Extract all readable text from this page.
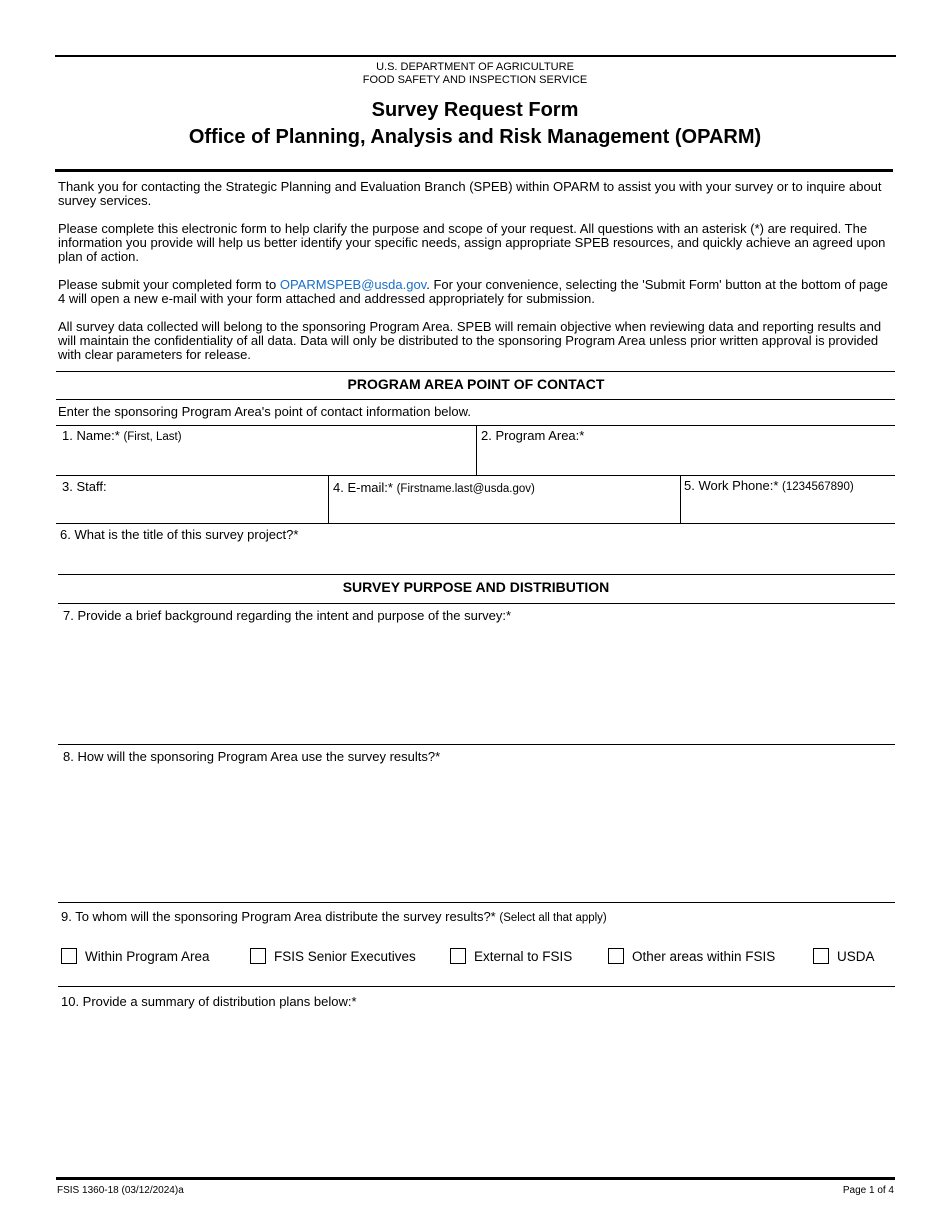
U.S. DEPARTMENT OF AGRICULTURE
FOOD SAFETY AND INSPECTION SERVICE
Survey Request Form
Office of Planning, Analysis and Risk Management (OPARM)
Thank you for contacting the Strategic Planning and Evaluation Branch (SPEB) within OPARM to assist you with your survey or to inquire about survey services.
Please complete this electronic form to help clarify the purpose and scope of your request. All questions with an asterisk (*) are required. The information you provide will help us better identify your specific needs, assign appropriate SPEB resources, and quickly achieve an agreed upon plan of action.
Please submit your completed form to OPARMSPEB@usda.gov. For your convenience, selecting the 'Submit Form' button at the bottom of page 4 will open a new e-mail with your form attached and addressed appropriately for submission.
All survey data collected will belong to the sponsoring Program Area. SPEB will remain objective when reviewing data and reporting results and will maintain the confidentiality of all data. Data will only be distributed to the sponsoring Program Area unless prior written approval is provided with clear parameters for release.
PROGRAM AREA POINT OF CONTACT
Enter the sponsoring Program Area's point of contact information below.
1. Name:* (First, Last)	2. Program Area:*
3. Staff:	4. E-mail:* (Firstname.last@usda.gov)	5. Work Phone:* (1234567890)
6. What is the title of this survey project?*
SURVEY PURPOSE AND DISTRIBUTION
7. Provide a brief background regarding the intent and purpose of the survey:*
8. How will the sponsoring Program Area use the survey results?*
9. To whom will the sponsoring Program Area distribute the survey results?* (Select all that apply)
Within Program Area	FSIS Senior Executives	External to FSIS	Other areas within FSIS	USDA
10. Provide a summary of distribution plans below:*
FSIS 1360-18 (03/12/2024)a	Page 1 of 4
